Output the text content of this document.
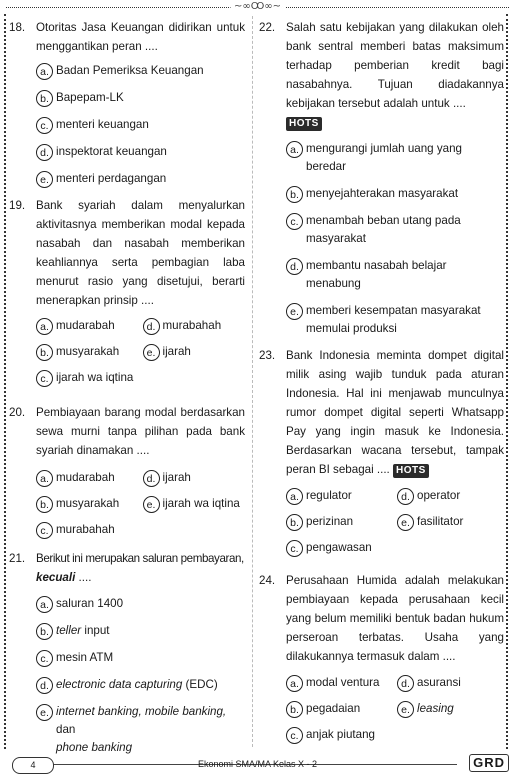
~∞Ꝏ∞~
18. Otoritas Jasa Keuangan didirikan untuk menggantikan peran ....
a. Badan Pemeriksa Keuangan
b. Bapepam-LK
c. menteri keuangan
d. inspektorat keuangan
e. menteri perdagangan
19. Bank syariah dalam menyalurkan aktivitasnya memberikan modal kepada nasabah dan nasabah memberikan keahliannya serta pembagian laba menurut rasio yang disetujui, berarti menerapkan prinsip ....
a. mudarabah	d. murabahah
b. musyarakah	e. ijarah
c. ijarah wa iqtina
20. Pembiayaan barang modal berdasarkan sewa murni tanpa pilihan pada bank syariah dinamakan ....
a. mudarabah	d. ijarah
b. musyarakah	e. ijarah wa iqtina
c. murabahah
21. Berikut ini merupakan saluran pembayaran,
kecuali ....
a. saluran 1400
b. teller input
c. mesin ATM
d. electronic data capturing (EDC)
e. internet banking, mobile banking, dan
phone banking
22. Salah satu kebijakan yang dilakukan oleh bank sentral memberi batas maksimum terhadap pemberian kredit bagi nasabahnya. Tujuan diadakannya kebijakan tersebut adalah untuk ....
HOTS
a. mengurangi jumlah uang yang beredar
b. menyejahterakan masyarakat
c. menambah beban utang pada masyarakat
d. membantu nasabah belajar menabung
e. memberi kesempatan masyarakat memulai produksi
23. Bank Indonesia meminta dompet digital milik asing wajib tunduk pada aturan Indonesia. Hal ini menjawab munculnya rumor dompet digital seperti Whatsapp Pay yang ingin masuk ke Indonesia. Berdasarkan wacana tersebut, tampak peran BI sebagai .... HOTS
a. regulator	d. operator
b. perizinan	e. fasilitator
c. pengawasan
24. Perusahaan Humida adalah melakukan pembiayaan kepada perusahaan kecil yang belum memiliki bentuk badan hukum perseroan terbatas. Usaha yang dilakukannya termasuk dalam ....
a. modal ventura	d. asuransi
b. pegadaian	e. leasing
c. anjak piutang
4	Ekonomi SMA/MA Kelas X - 2	GRD
